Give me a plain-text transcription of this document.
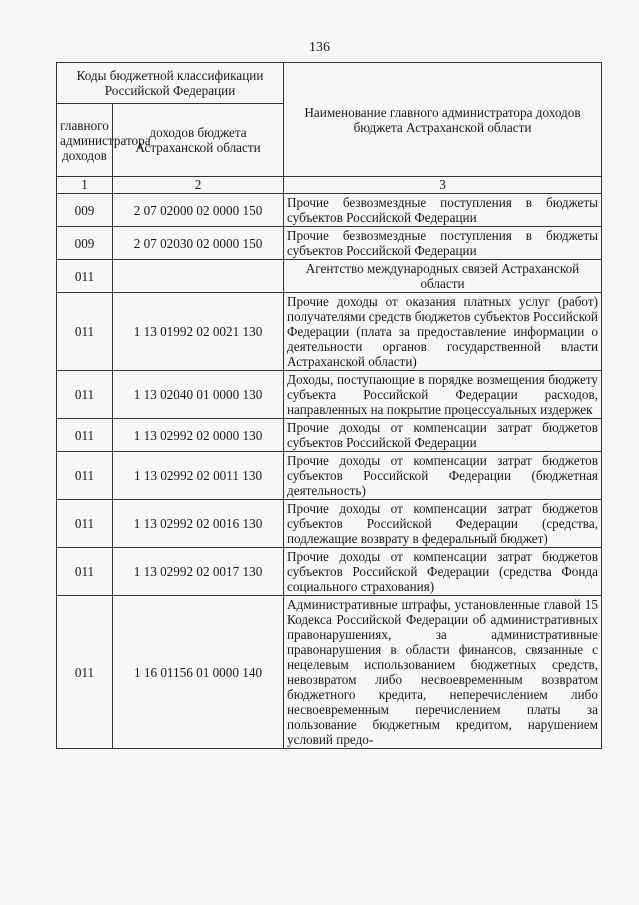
136
Коды бюджетной классификации Российской Федерации		Наименование главного администратора доходов бюджета Астраханской области
главного администратора доходов	доходов бюджета Астраханской области	
1	2	3
009	2 07 02000 02 0000 150	Прочие безвозмездные поступления в бюджеты субъектов Российской Федерации
009	2 07 02030 02 0000 150	Прочие безвозмездные поступления в бюджеты субъектов Российской Федерации
011		Агентство международных связей Астраханской области
011	1 13 01992 02 0021 130	Прочие доходы от оказания платных услуг (работ) получателями средств бюджетов субъектов Российской Федерации (плата за предоставление информации о деятельности органов государственной власти Астраханской области)
011	1 13 02040 01 0000 130	Доходы, поступающие в порядке возмещения бюджету субъекта Российской Федерации расходов, направленных на покрытие процессуальных издержек
011	1 13 02992 02 0000 130	Прочие доходы от компенсации затрат бюджетов субъектов Российской Федерации
011	1 13 02992 02 0011 130	Прочие доходы от компенсации затрат бюджетов субъектов Российской Федерации (бюджетная деятельность)
011	1 13 02992 02 0016 130	Прочие доходы от компенсации затрат бюджетов субъектов Российской Федерации (средства, подлежащие возврату в федеральный бюджет)
011	1 13 02992 02 0017 130	Прочие доходы от компенсации затрат бюджетов субъектов Российской Федерации (средства Фонда социального страхования)
011	1 16 01156 01 0000 140	Административные штрафы, установленные главой 15 Кодекса Российской Федерации об административных правонарушениях, за административные правонарушения в области финансов, связанные с нецелевым использованием бюджетных средств, невозвратом либо несвоевременным возвратом бюджетного кредита, неперечислением либо несвоевременным перечислением платы за пользование бюджетным кредитом, нарушением условий предо-
